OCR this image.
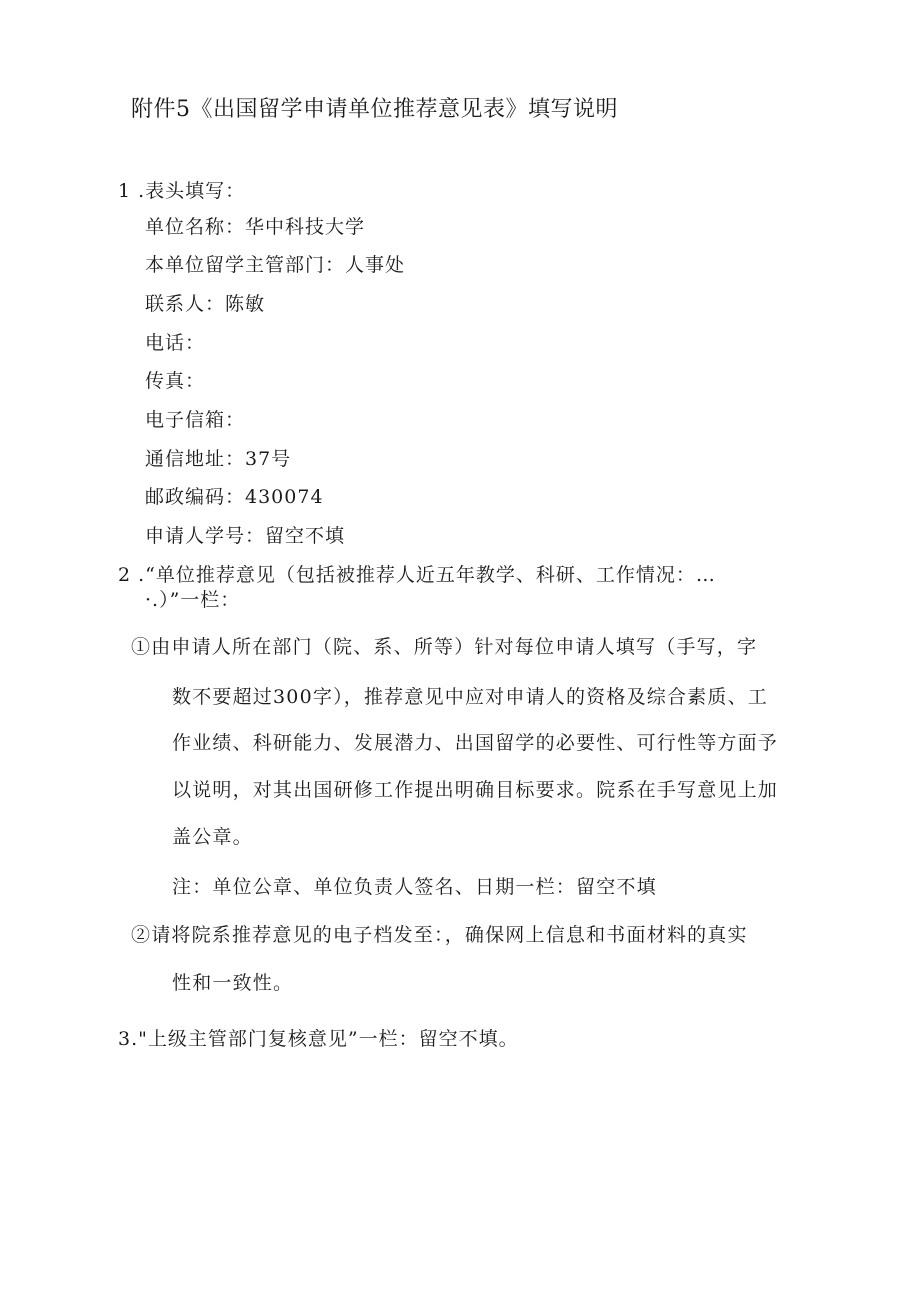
附件5《出国留学申请单位推荐意见表》填写说明
1 .表头填写：
单位名称：华中科技大学
本单位留学主管部门：人事处
联系人：陈敏
电话：
传真：
电子信箱：
通信地址：37号
邮政编码：430074
申请人学号：留空不填
2 .“单位推荐意见（包括被推荐人近五年教学、科研、工作情况：…
·.）”一栏：
①由申请人所在部门（院、系、所等）针对每位申请人填写（手写，字
数不要超过300字），推荐意见中应对申请人的资格及综合素质、工
作业绩、科研能力、发展潜力、出国留学的必要性、可行性等方面予
以说明，对其出国研修工作提出明确目标要求。院系在手写意见上加
盖公章。
注：单位公章、单位负责人签名、日期一栏：留空不填
②请将院系推荐意见的电子档发至：，确保网上信息和书面材料的真实
性和一致性。
3."上级主管部门复核意见”一栏：留空不填。
